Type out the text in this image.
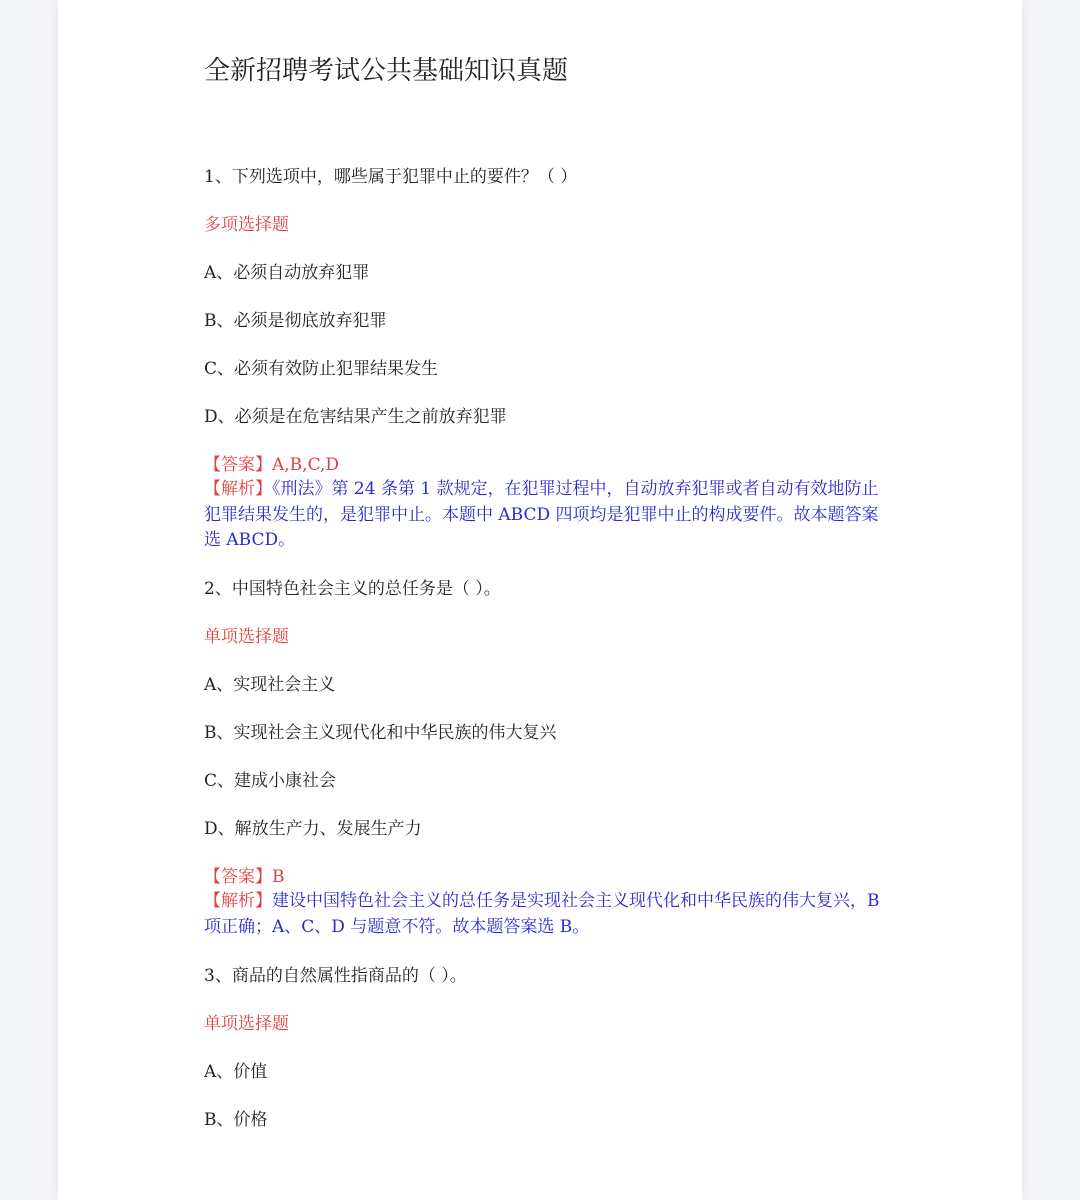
全新招聘考试公共基础知识真题
1、下列选项中，哪些属于犯罪中止的要件？（ ）
多项选择题
A、必须自动放弃犯罪
B、必须是彻底放弃犯罪
C、必须有效防止犯罪结果发生
D、必须是在危害结果产生之前放弃犯罪
【答案】A,B,C,D
【解析】《刑法》第 24 条第 1 款规定，在犯罪过程中，自动放弃犯罪或者自动有效地防止犯罪结果发生的，是犯罪中止。本题中 ABCD 四项均是犯罪中止的构成要件。故本题答案选 ABCD。
2、中国特色社会主义的总任务是（ ）。
单项选择题
A、实现社会主义
B、实现社会主义现代化和中华民族的伟大复兴
C、建成小康社会
D、解放生产力、发展生产力
【答案】B
【解析】建设中国特色社会主义的总任务是实现社会主义现代化和中华民族的伟大复兴，B 项正确；A、C、D 与题意不符。故本题答案选 B。
3、商品的自然属性指商品的（ ）。
单项选择题
A、价值
B、价格
